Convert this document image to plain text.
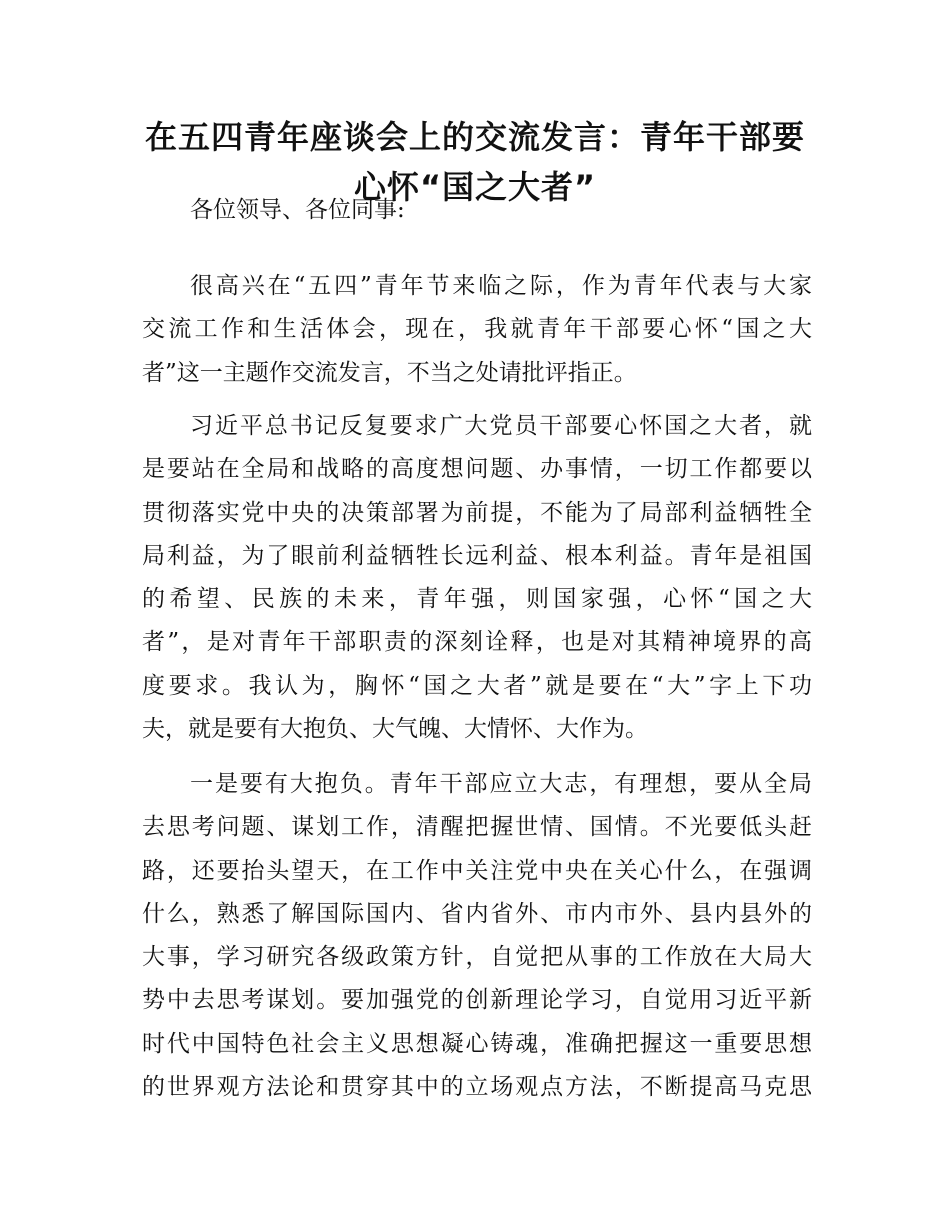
在五四青年座谈会上的交流发言：青年干部要
心怀“国之大者”
各位领导、各位同事:
很高兴在“五四”青年节来临之际，作为青年代表与大家
交流工作和生活体会，现在，我就青年干部要心怀“国之大
者”这一主题作交流发言，不当之处请批评指正。
习近平总书记反复要求广大党员干部要心怀国之大者，就
是要站在全局和战略的高度想问题、办事情，一切工作都要以
贯彻落实党中央的决策部署为前提，不能为了局部利益牺牲全
局利益，为了眼前利益牺牲长远利益、根本利益。青年是祖国
的希望、民族的未来，青年强，则国家强，心怀“国之大
者”，是对青年干部职责的深刻诠释，也是对其精神境界的高
度要求。我认为，胸怀“国之大者”就是要在“大”字上下功
夫，就是要有大抱负、大气魄、大情怀、大作为。
一是要有大抱负。青年干部应立大志，有理想，要从全局
去思考问题、谋划工作，清醒把握世情、国情。不光要低头赶
路，还要抬头望天，在工作中关注党中央在关心什么，在强调
什么，熟悉了解国际国内、省内省外、市内市外、县内县外的
大事，学习研究各级政策方针，自觉把从事的工作放在大局大
势中去思考谋划。要加强党的创新理论学习，自觉用习近平新
时代中国特色社会主义思想凝心铸魂，准确把握这一重要思想
的世界观方法论和贯穿其中的立场观点方法，不断提高马克思
